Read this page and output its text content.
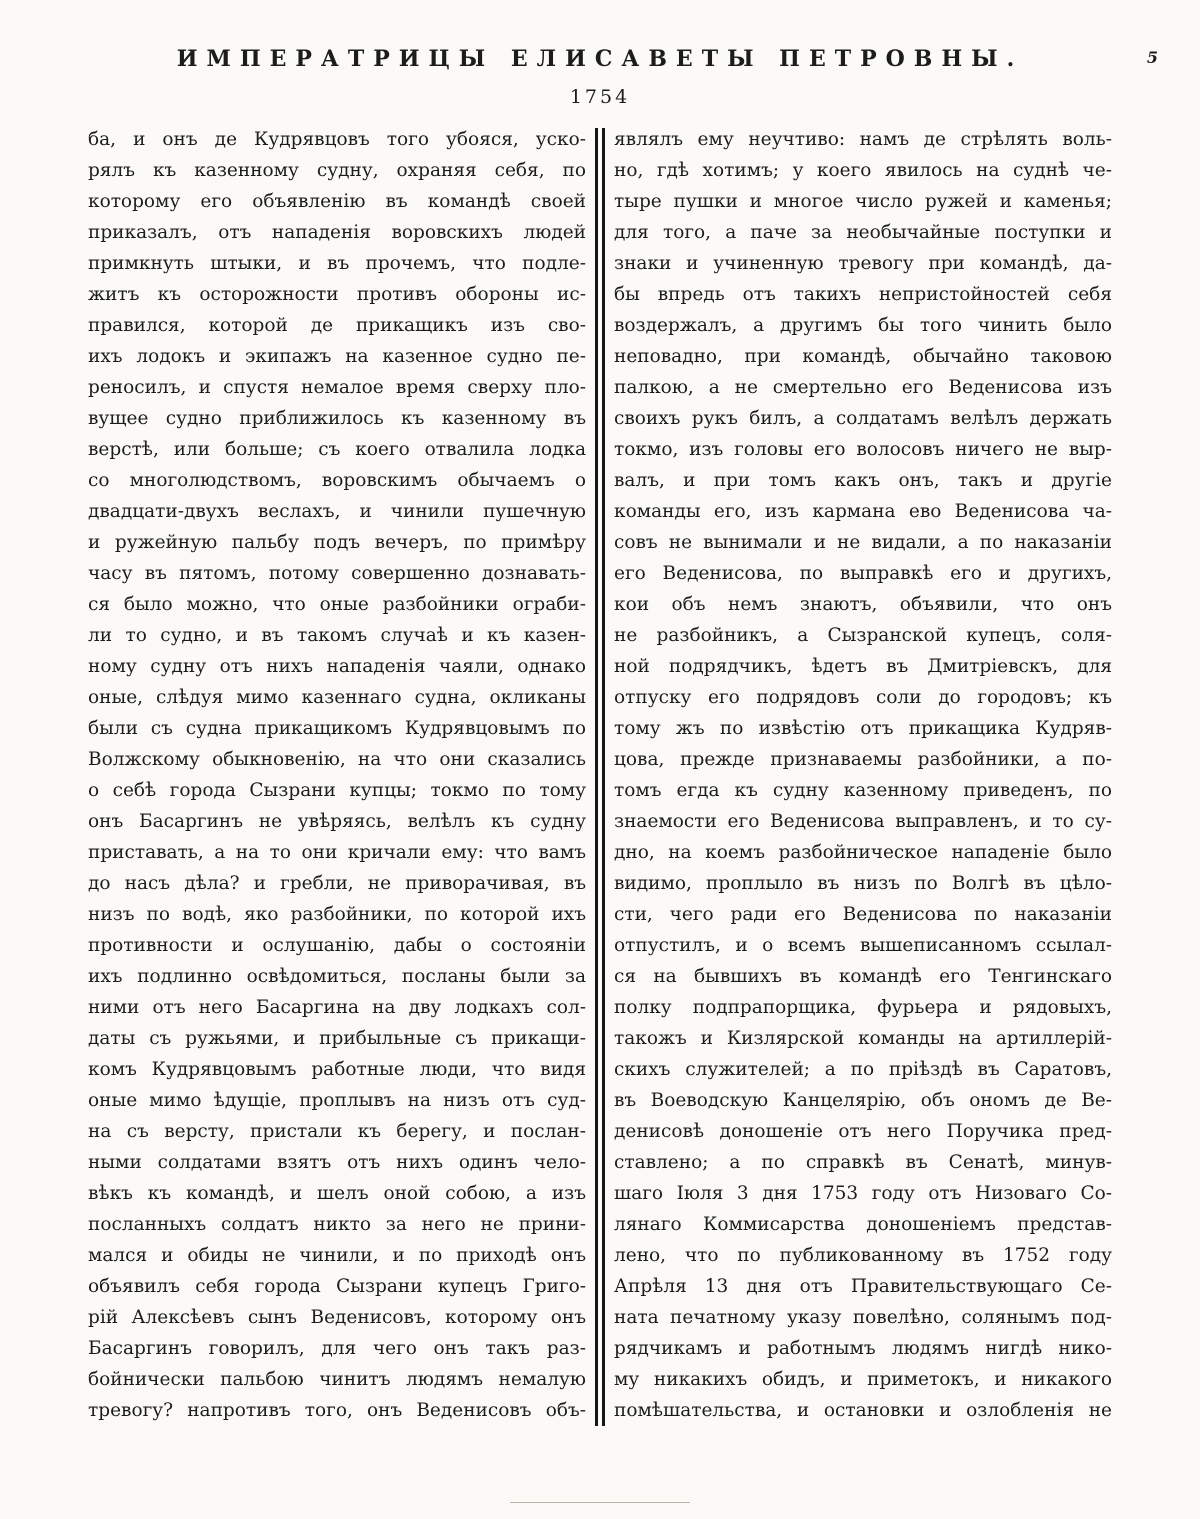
ИМПЕРАТРИЦЫ ЕЛИСАВЕТЫ ПЕТРОВНЫ.	5
1754
ба, и онъ де Кудрявцовъ того убояся, уско-
рялъ къ казенному судну, охраняя себя, по
которому его объявленію въ командѣ своей
приказалъ, отъ нападенія воровскихъ людей
примкнуть штыки, и въ прочемъ, что подле-
житъ къ осторожности противъ обороны ис-
правился, которой де прикащикъ изъ сво-
ихъ лодокъ и экипажъ на казенное судно пе-
реносилъ, и спустя немалое время сверху пло-
вущее судно приближилось къ казенному въ
верстѣ, или больше; съ коего отвалила лодка
со многолюдствомъ, воровскимъ обычаемъ о
двадцати-двухъ веслахъ, и чинили пушечную
и ружейную пальбу подъ вечеръ, по примѣру
часу въ пятомъ, потому совершенно дознавать-
ся было можно, что оные разбойники ограби-
ли то судно, и въ такомъ случаѣ и къ казен-
ному судну отъ нихъ нападенія чаяли, однако
оные, слѣдуя мимо казеннаго судна, окликаны
были съ судна прикащикомъ Кудрявцовымъ по
Волжскому обыкновенію, на что они сказались
о себѣ города Сызрани купцы; токмо по тому
онъ Басаргинъ не увѣряясь, велѣлъ къ судну
приставать, а на то они кричали ему: что вамъ
до насъ дѣла? и гребли, не приворачивая, въ
низъ по водѣ, яко разбойники, по которой ихъ
противности и ослушанію, дабы о состояніи
ихъ подлинно освѣдомиться, посланы были за
ними отъ него Басаргина на дву лодкахъ сол-
даты съ ружьями, и прибыльные съ прикащи-
комъ Кудрявцовымъ работные люди, что видя
оные мимо ѣдущіе, проплывъ на низъ отъ суд-
на съ версту, пристали къ берегу, и послан-
ными солдатами взятъ отъ нихъ одинъ чело-
вѣкъ къ командѣ, и шелъ оной собою, а изъ
посланныхъ солдатъ никто за него не прини-
мался и обиды не чинили, и по приходѣ онъ
объявилъ себя города Сызрани купецъ Григо-
рій Алексѣевъ сынъ Веденисовъ, которому онъ
Басаргинъ говорилъ, для чего онъ такъ раз-
бойнически пальбою чинитъ людямъ немалую
тревогу? напротивъ того, онъ Веденисовъ объ-
являлъ ему неучтиво: намъ де стрѣлять воль-
но, гдѣ хотимъ; у коего явилось на суднѣ че-
тыре пушки и многое число ружей и каменья;
для того, а паче за необычайные поступки и
знаки и учиненную тревогу при командѣ, да-
бы впредь отъ такихъ непристойностей себя
воздержалъ, а другимъ бы того чинить было
неповадно, при командѣ, обычайно таковою
палкою, а не смертельно его Веденисова изъ
своихъ рукъ билъ, а солдатамъ велѣлъ держать
токмо, изъ головы его волосовъ ничего не выр-
валъ, и при томъ какъ онъ, такъ и другіе
команды его, изъ кармана ево Веденисова ча-
совъ не вынимали и не видали, а по наказаніи
его Веденисова, по выправкѣ его и другихъ,
кои объ немъ знаютъ, объявили, что онъ
не разбойникъ, а Сызранской купецъ, соля-
ной подрядчикъ, ѣдетъ въ Дмитріевскъ, для
отпуску его подрядовъ соли до городовъ; къ
тому жъ по извѣстію отъ прикащика Кудряв-
цова, прежде признаваемы разбойники, а по-
томъ егда къ судну казенному приведенъ, по
знаемости его Веденисова выправленъ, и то су-
дно, на коемъ разбойническое нападеніе было
видимо, проплыло въ низъ по Волгѣ въ цѣло-
сти, чего ради его Веденисова по наказаніи
отпустилъ, и о всемъ вышеписанномъ ссылал-
ся на бывшихъ въ командѣ его Тенгинскаго
полку подпрапорщика, фурьера и рядовыхъ,
такожъ и Кизлярской команды на артиллерій-
скихъ служителей; а по пріѣздѣ въ Саратовъ,
въ Воеводскую Канцелярію, объ ономъ де Ве-
денисовѣ доношеніе отъ него Поручика пред-
ставлено; а по справкѣ въ Сенатѣ, минув-
шаго Іюля 3 дня 1753 году отъ Низоваго Со-
лянаго Коммисарства доношеніемъ представ-
лено, что по публикованному въ 1752 году
Апрѣля 13 дня отъ Правительствующаго Се-
ната печатному указу повелѣно, солянымъ под-
рядчикамъ и работнымъ людямъ нигдѣ нико-
му никакихъ обидъ, и приметокъ, и никакого
помѣшательства, и остановки и озлобленія не
